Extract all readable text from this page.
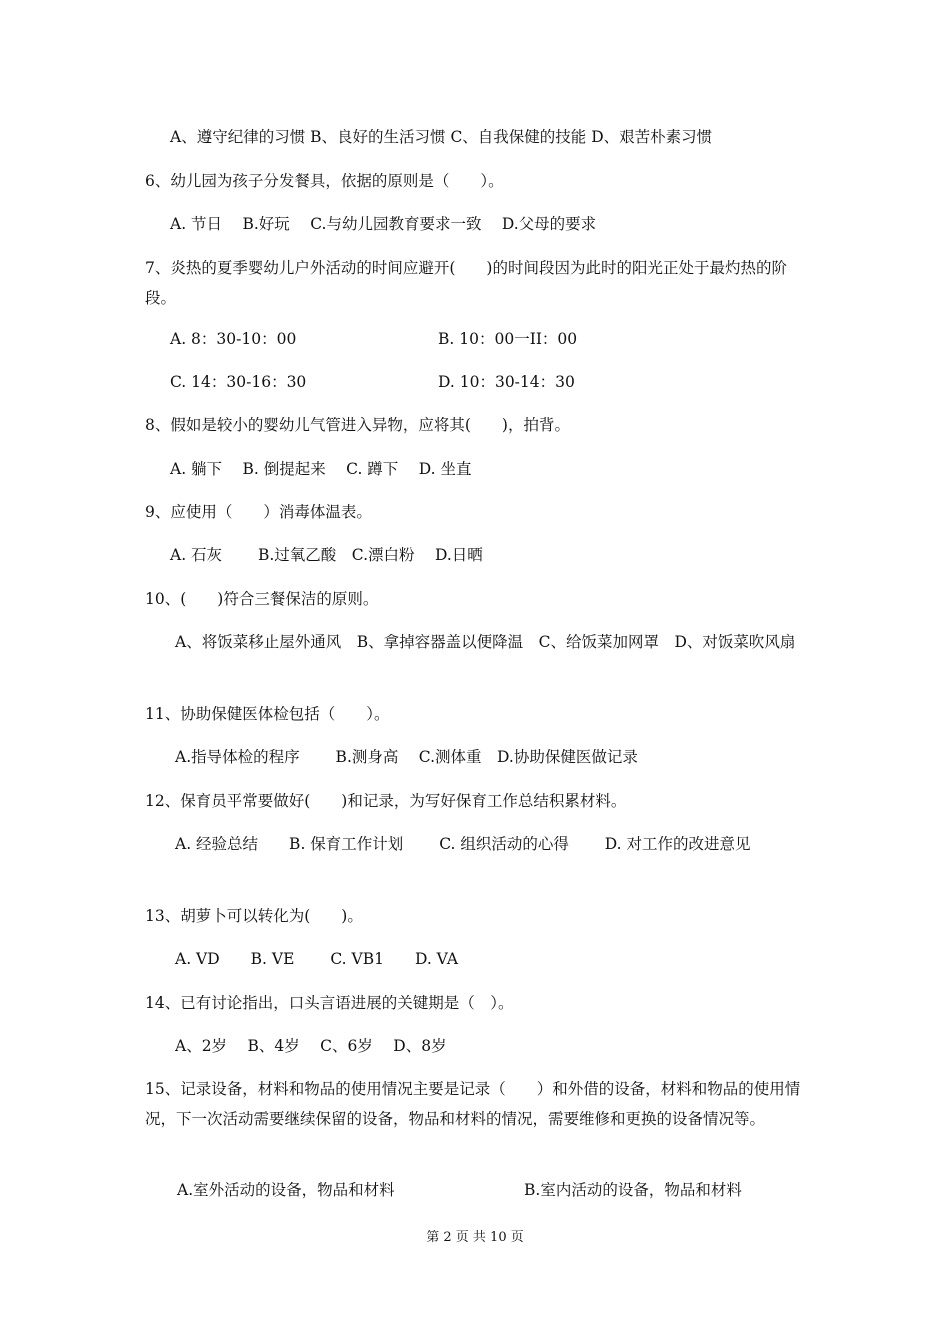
A、遵守纪律的习惯 B、良好的生活习惯 C、自我保健的技能 D、艰苦朴素习惯
6、幼儿园为孩子分发餐具，依据的原则是（　　）。
A. 节日　 B.好玩　 C.与幼儿园教育要求一致　 D.父母的要求
7、炎热的夏季婴幼儿户外活动的时间应避开(　　)的时间段因为此时的阳光正处于最灼热的阶段。
A. 8：30-10：00	B. 10：00一II：00
C. 14：30-16：30	D. 10：30-14：30
8、假如是较小的婴幼儿气管进入异物，应将其(　　)，拍背。
A. 躺下　 B. 倒提起来　 C. 蹲下　 D. 坐直
9、应使用（　　）消毒体温表。
A. 石灰　　 B.过氧乙酸　C.漂白粉　 D.日晒
10、(　　)符合三餐保洁的原则。
A、将饭菜移止屋外通风　B、拿掉容器盖以便降温　C、给饭菜加网罩　D、对饭菜吹风扇
11、协助保健医体检包括（　　）。
A.指导体检的程序　　 B.测身高　 C.测体重　D.协助保健医做记录
12、保育员平常要做好(　　)和记录，为写好保育工作总结积累材料。
A. 经验总结　　B. 保育工作计划　　 C. 组织活动的心得　　 D. 对工作的改进意见
13、胡萝卜可以转化为(　　)。
A. VD　　B. VE　　 C. VB1　　D. VA
14、已有讨论指出，口头言语进展的关键期是（　）。
A、2岁　 B、4岁　 C、6岁　 D、8岁
15、记录设备，材料和物品的使用情况主要是记录（　　）和外借的设备，材料和物品的使用情况，下一次活动需要继续保留的设备，物品和材料的情况，需要维修和更换的设备情况等。
A.室外活动的设备，物品和材料	B.室内活动的设备，物品和材料
第 2 页 共 10 页
